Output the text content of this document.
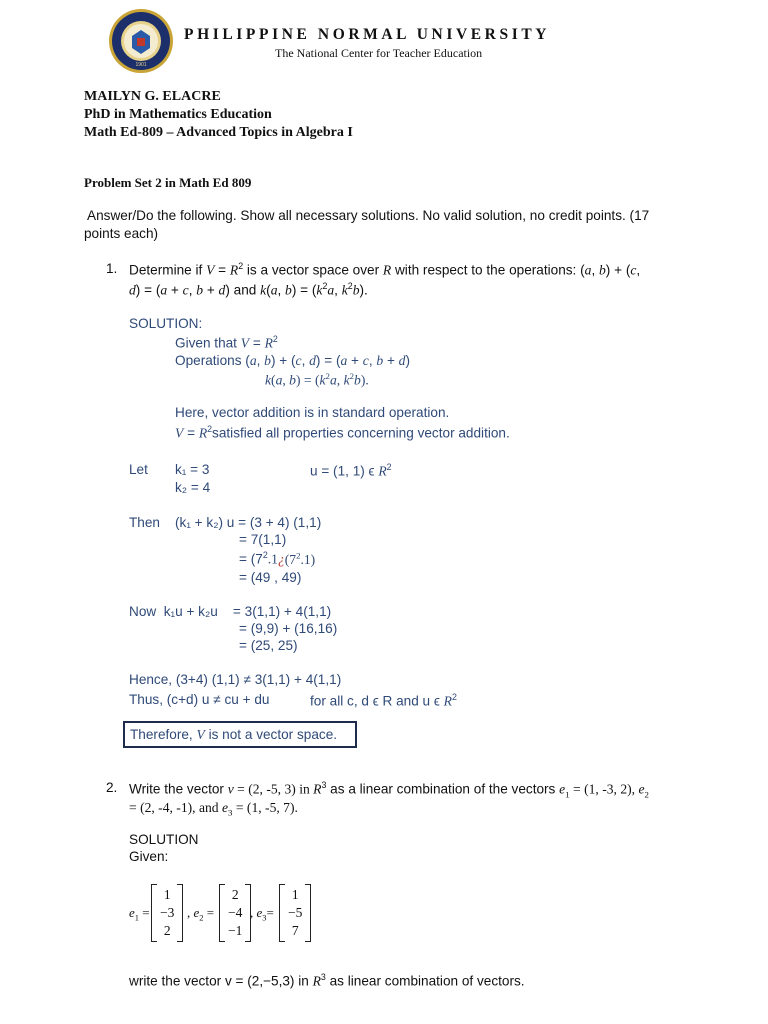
1901
PHILIPPINE NORMAL UNIVERSITY
The National Center for Teacher Education
MAILYN G. ELACRE
PhD in Mathematics Education
Math Ed-809 – Advanced Topics in Algebra I
Problem Set 2 in Math Ed 809
Answer/Do the following. Show all necessary solutions. No valid solution, no credit points. (17
points each)
1. Determine if $V = R^2$ is a vector space over R with respect to the operations: (a, b) + (c,
d) = (a + c, b + d) and k(a, $b) = (k^2a$, $k^2b$).
SOLUTION:
Given that $V = R^2$
Operations (a, b) + (c, d) = (a + c, b + d)
k(a, $b) = (k^2a$, $k^2b$).
Here, vector addition is in standard operation.
$V = R^2satisfied$ all properties concerning vector addition.
Let k₁ = 3
k₂ = 4
u = (1, 1) ϵ $R^2$
Then (k₁ + k₂) u = (3 + 4) (1,1)
= 7(1,1)
= ($7^2.1¿(7^2.1)$
= (49 , 49)
Now  k₁u + k₂u    = 3(1,1) + 4(1,1)
= (9,9) + (16,16)
= (25, 25)
Hence, (3+4) (1,1) ≠ 3(1,1) + 4(1,1)
Thus, (c+d) u ≠ cu + du	for all c, d ϵ R and u ϵ $R^2$
Therefore, V is not a vector space.
2. Write the vector v = (2, -5, 3) in $R^3$ as a linear combination of the vectors $e_1 = (1$, -3, 2), $e_2$
= (2, -4, -1), and $e_3 = (1$, -5, 7).
SOLUTION
Given:
$e_1$ =
1
−3
2
, $e_2$ =
2
−4
−1
, $e_3=$
1
−5
7
write the vector v = (2,−5,3) in $R^3$ as linear combination of vectors.
